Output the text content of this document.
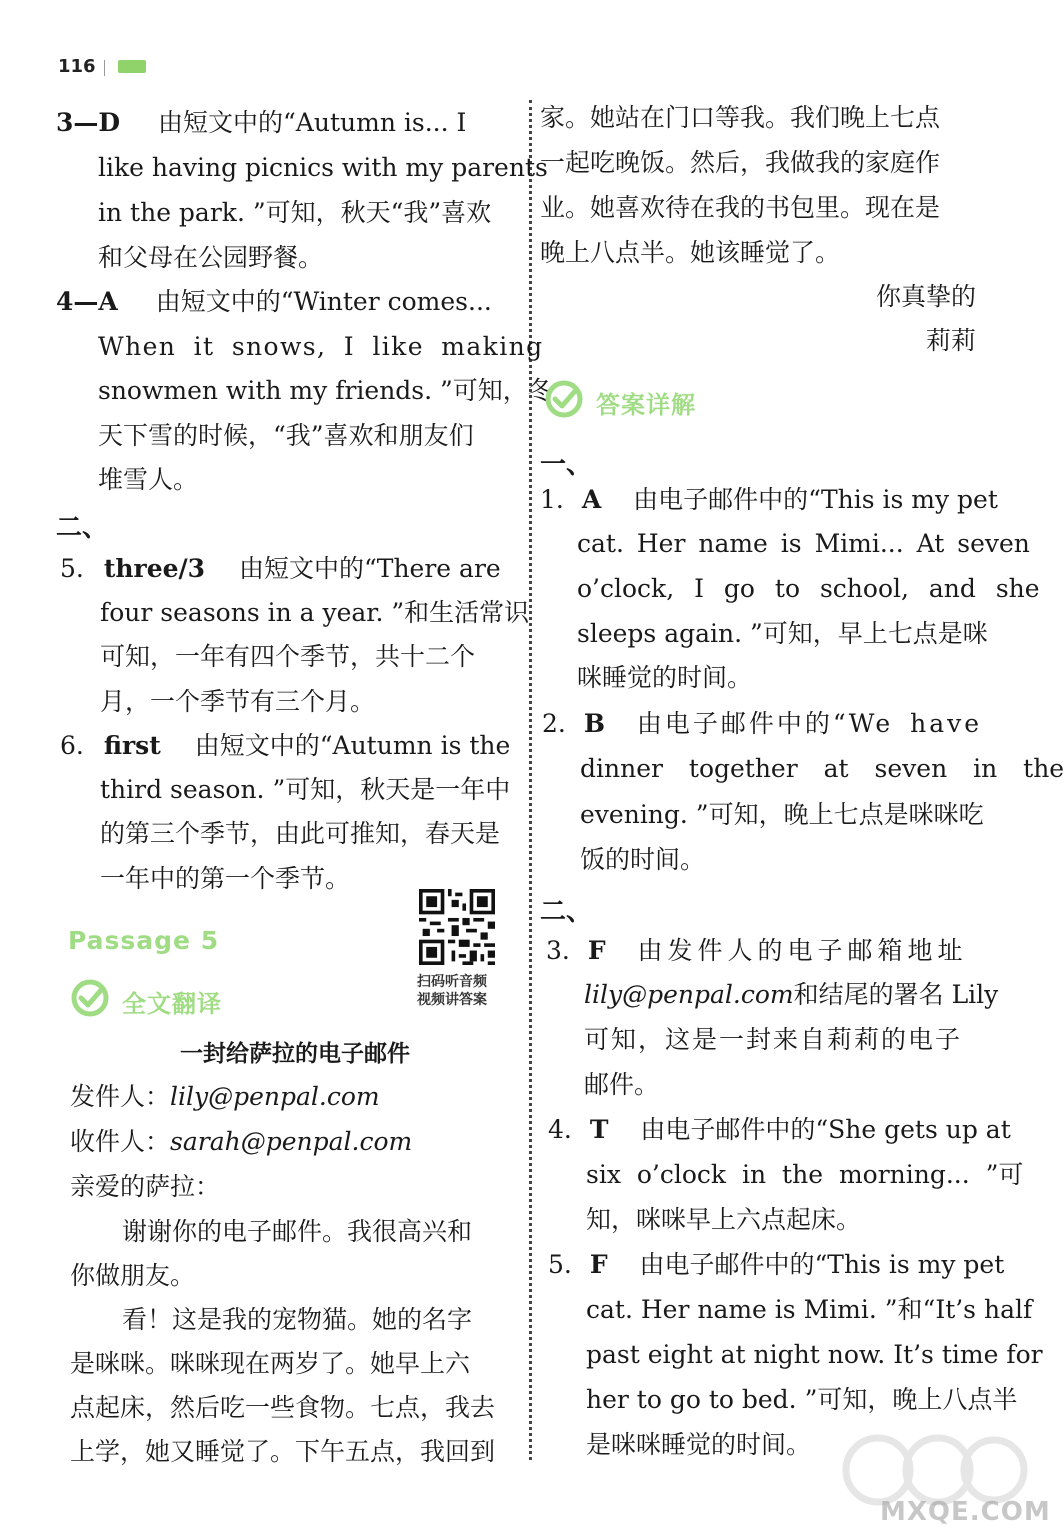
116
3—D 由短文中的“Autumn is... I
like having picnics with my parents
in the park. ”可知，秋天“我”喜欢
和父母在公园野餐。
4—A 由短文中的“Winter comes...
When it snows, I like making
snowmen with my friends. ”可知，冬
天下雪的时候，“我”喜欢和朋友们
堆雪人。
二、
5. three/3 由短文中的“There are
four seasons in a year. ”和生活常识
可知，一年有四个季节，共十二个
月，一个季节有三个月。
6. first 由短文中的“Autumn is the
third season. ”可知，秋天是一年中
的第三个季节，由此可推知，春天是
一年中的第一个季节。
Passage 5
扫码听音频
视频讲答案
全文翻译
一封给萨拉的电子邮件
发件人：lily@penpal.com
收件人：sarah@penpal.com
亲爱的萨拉：
谢谢你的电子邮件。我很高兴和
你做朋友。
看！这是我的宠物猫。她的名字
是咪咪。咪咪现在两岁了。她早上六
点起床，然后吃一些食物。七点，我去
上学，她又睡觉了。下午五点，我回到
家。她站在门口等我。我们晚上七点
一起吃晚饭。然后，我做我的家庭作
业。她喜欢待在我的书包里。现在是
晚上八点半。她该睡觉了。
你真挚的
莉莉
答案详解
一、
1. A 由电子邮件中的“This is my pet
cat. Her name is Mimi... At seven
o’clock, I go to school, and she
sleeps again. ”可知，早上七点是咪
咪睡觉的时间。
2. B 由电子邮件中的“We have
dinner together at seven in the
evening. ”可知，晚上七点是咪咪吃
饭的时间。
二、
3. F 由发件人的电子邮箱地址
lily@penpal.com和结尾的署名 Lily
可知，这是一封来自莉莉的电子
邮件。
4. T 由电子邮件中的“She gets up at
six o’clock in the morning... ”可
知，咪咪早上六点起床。
5. F 由电子邮件中的“This is my pet
cat. Her name is Mimi. ”和“It’s half
past eight at night now. It’s time for
her to go to bed. ”可知，晚上八点半
是咪咪睡觉的时间。
MXQE.COM
